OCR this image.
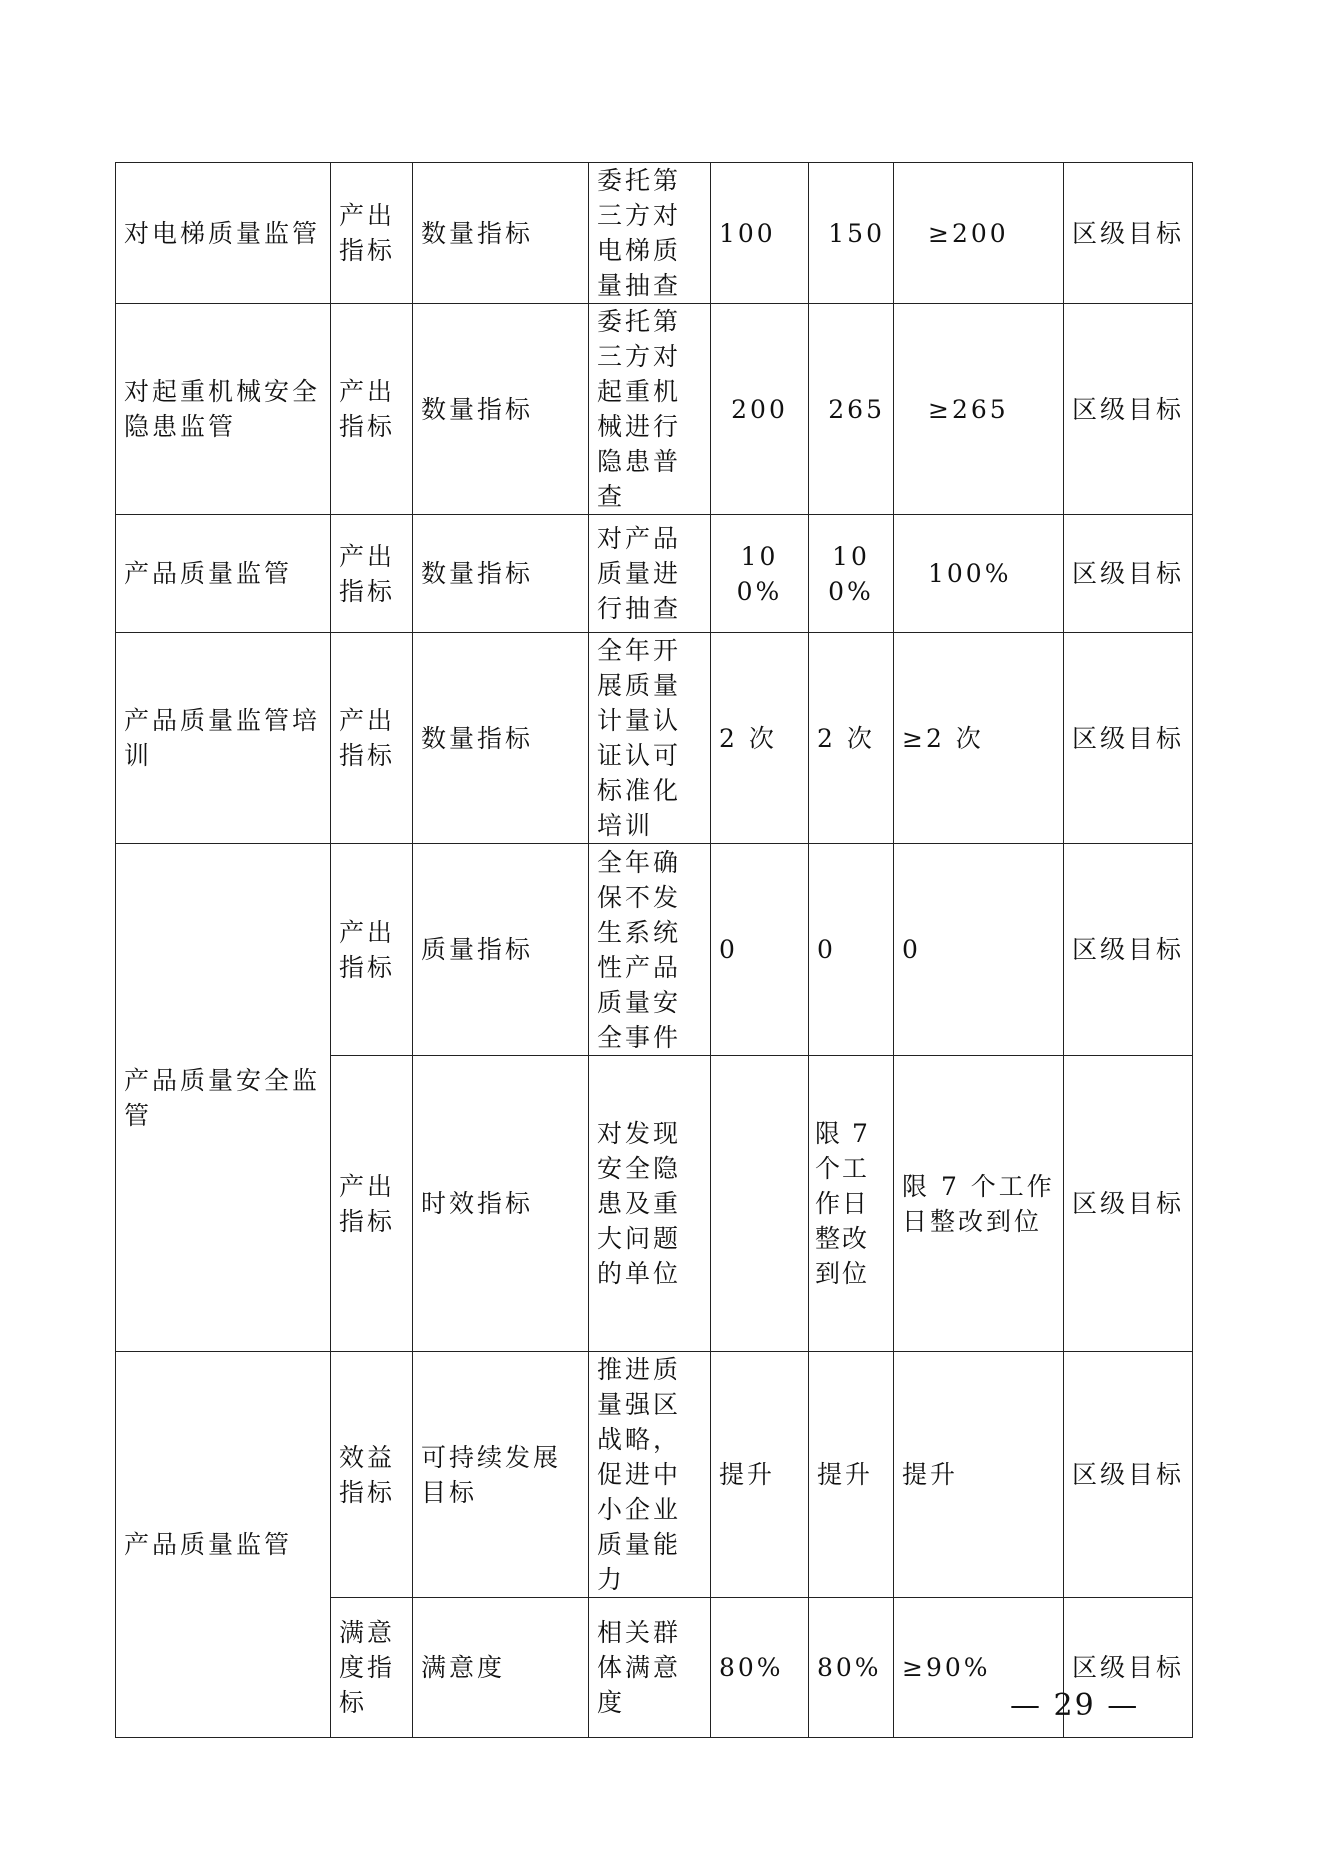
对电梯质量监管	产出指标	数量指标	委托第三方对电梯质量抽查	100	150	≥200	区级目标
对起重机械安全隐患监管	产出指标	数量指标	委托第三方对起重机械进行隐患普查	200	265	≥265	区级目标
产品质量监管	产出指标	数量指标	对产品质量进行抽查	100%	100%	100%	区级目标
产品质量监管培训	产出指标	数量指标	全年开展质量计量认证认可标准化培训	2 次	2 次	≥2 次	区级目标
产品质量安全监管	产出指标	质量指标	全年确保不发生系统性产品质量安全事件	0	0	0	区级目标
	产出指标	时效指标	对发现安全隐患及重大问题的单位		限 7 个工作日整改到位	限 7 个工作日整改到位	区级目标
产品质量监管	效益指标	可持续发展目标	推进质量强区战略，促进中小企业质量能力	提升	提升	提升	区级目标
	满意度指标	满意度	相关群体满意度	80%	80%	≥90%	区级目标
— 29 —
